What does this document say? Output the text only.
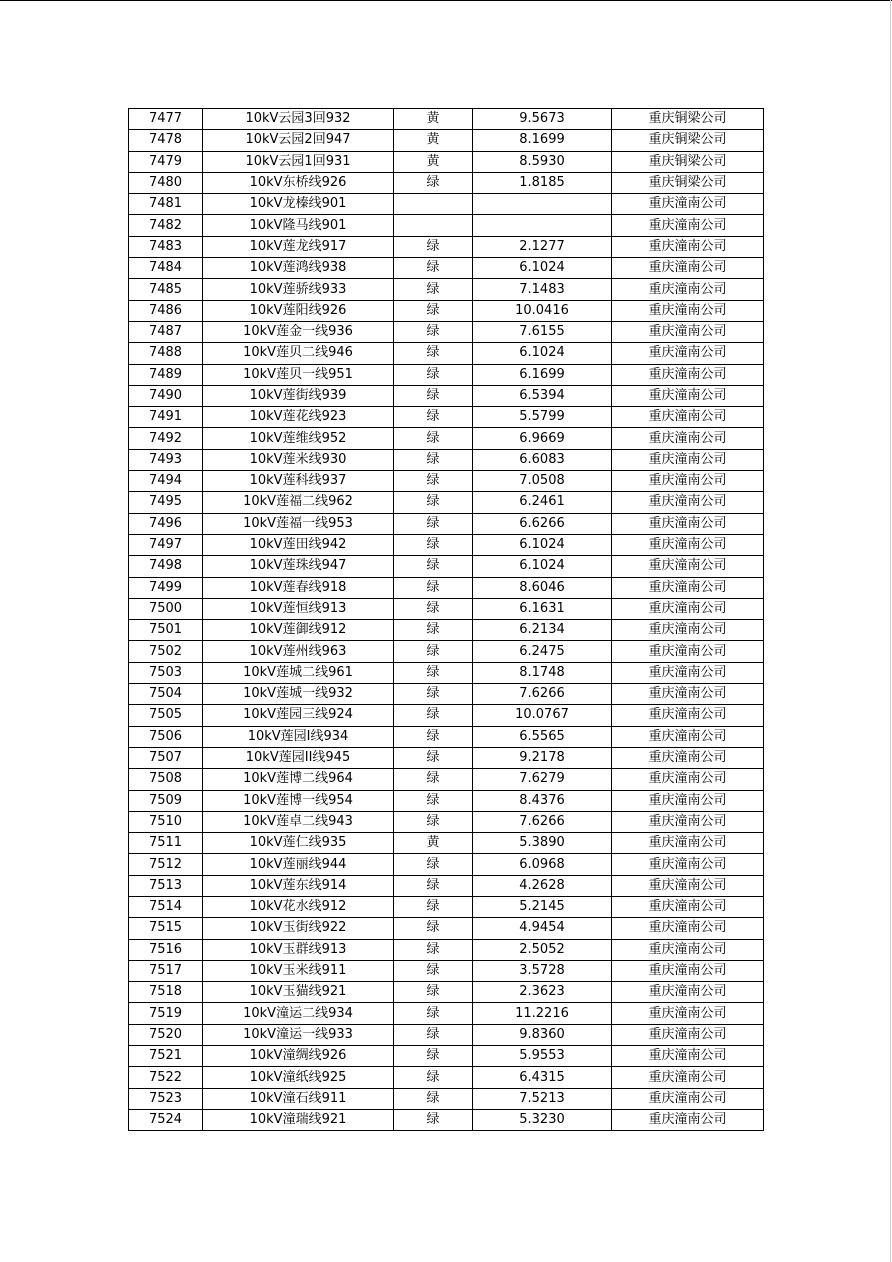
7477	10kV云园3回932	黄	9.5673	重庆铜梁公司
7478	10kV云园2回947	黄	8.1699	重庆铜梁公司
7479	10kV云园1回931	黄	8.5930	重庆铜梁公司
7480	10kV东桥线926	绿	1.8185	重庆铜梁公司
7481	10kV龙榛线901			重庆潼南公司
7482	10kV隆马线901			重庆潼南公司
7483	10kV莲龙线917	绿	2.1277	重庆潼南公司
7484	10kV莲鸿线938	绿	6.1024	重庆潼南公司
7485	10kV莲骄线933	绿	7.1483	重庆潼南公司
7486	10kV莲阳线926	绿	10.0416	重庆潼南公司
7487	10kV莲金一线936	绿	7.6155	重庆潼南公司
7488	10kV莲贝二线946	绿	6.1024	重庆潼南公司
7489	10kV莲贝一线951	绿	6.1699	重庆潼南公司
7490	10kV莲街线939	绿	6.5394	重庆潼南公司
7491	10kV莲花线923	绿	5.5799	重庆潼南公司
7492	10kV莲维线952	绿	6.9669	重庆潼南公司
7493	10kV莲米线930	绿	6.6083	重庆潼南公司
7494	10kV莲科线937	绿	7.0508	重庆潼南公司
7495	10kV莲福二线962	绿	6.2461	重庆潼南公司
7496	10kV莲福一线953	绿	6.6266	重庆潼南公司
7497	10kV莲田线942	绿	6.1024	重庆潼南公司
7498	10kV莲珠线947	绿	6.1024	重庆潼南公司
7499	10kV莲春线918	绿	8.6046	重庆潼南公司
7500	10kV莲恒线913	绿	6.1631	重庆潼南公司
7501	10kV莲御线912	绿	6.2134	重庆潼南公司
7502	10kV莲州线963	绿	6.2475	重庆潼南公司
7503	10kV莲城二线961	绿	8.1748	重庆潼南公司
7504	10kV莲城一线932	绿	7.6266	重庆潼南公司
7505	10kV莲园三线924	绿	10.0767	重庆潼南公司
7506	10kV莲园I线934	绿	6.5565	重庆潼南公司
7507	10kV莲园II线945	绿	9.2178	重庆潼南公司
7508	10kV莲博二线964	绿	7.6279	重庆潼南公司
7509	10kV莲博一线954	绿	8.4376	重庆潼南公司
7510	10kV莲卓二线943	绿	7.6266	重庆潼南公司
7511	10kV莲仁线935	黄	5.3890	重庆潼南公司
7512	10kV莲丽线944	绿	6.0968	重庆潼南公司
7513	10kV莲东线914	绿	4.2628	重庆潼南公司
7514	10kV花水线912	绿	5.2145	重庆潼南公司
7515	10kV玉街线922	绿	4.9454	重庆潼南公司
7516	10kV玉群线913	绿	2.5052	重庆潼南公司
7517	10kV玉米线911	绿	3.5728	重庆潼南公司
7518	10kV玉猫线921	绿	2.3623	重庆潼南公司
7519	10kV潼运二线934	绿	11.2216	重庆潼南公司
7520	10kV潼运一线933	绿	9.8360	重庆潼南公司
7521	10kV潼绸线926	绿	5.9553	重庆潼南公司
7522	10kV潼纸线925	绿	6.4315	重庆潼南公司
7523	10kV潼石线911	绿	7.5213	重庆潼南公司
7524	10kV潼瑞线921	绿	5.3230	重庆潼南公司
